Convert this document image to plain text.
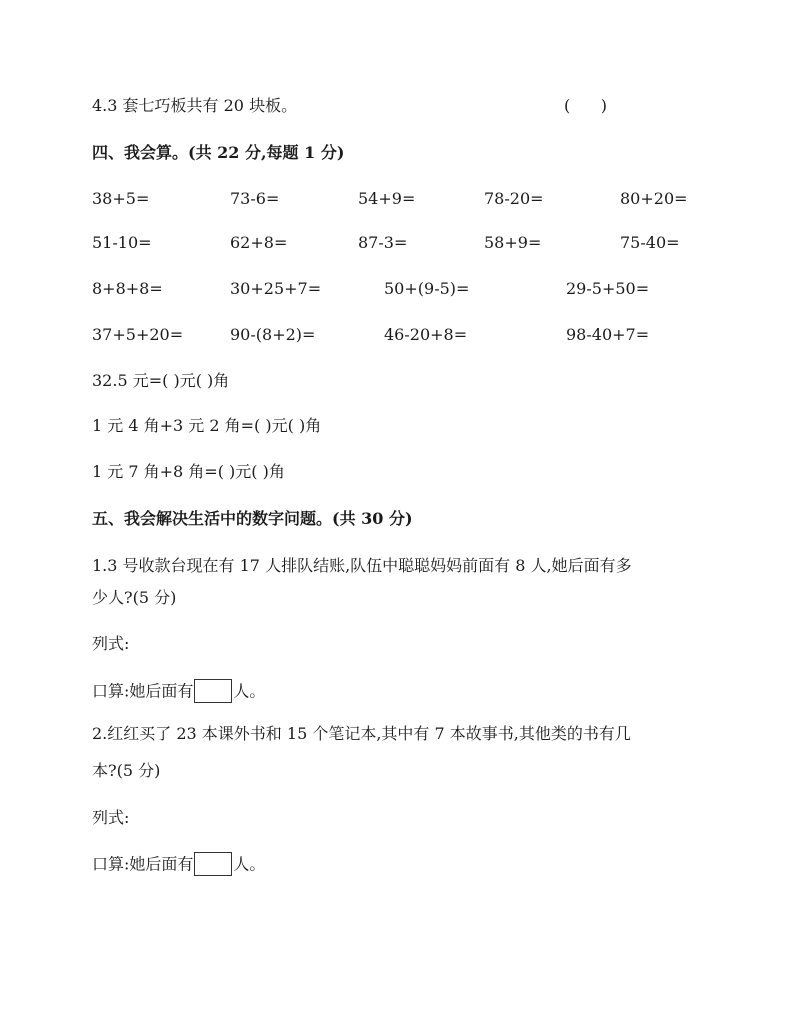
4.3 套七巧板共有 20 块板。	(      )
四、我会算。(共 22 分,每题 1 分)
38+5=	73-6=	54+9=	78-20=	80+20=
51-10=	62+8=	87-3=	58+9=	75-40=
8+8+8=	30+25+7=	50+(9-5)=	29-5+50=
37+5+20=	90-(8+2)=	46-20+8=	98-40+7=
32.5 元=( )元( )角
1 元 4 角+3 元 2 角=( )元( )角
1 元 7 角+8 角=( )元( )角
五、我会解决生活中的数字问题。(共 30 分)
1.3 号收款台现在有 17 人排队结账,队伍中聪聪妈妈前面有 8 人,她后面有多
少人?(5 分)
列式:
口算:她后面有	人。
2.红红买了 23 本课外书和 15 个笔记本,其中有 7 本故事书,其他类的书有几
本?(5 分)
列式:
口算:她后面有	人。
